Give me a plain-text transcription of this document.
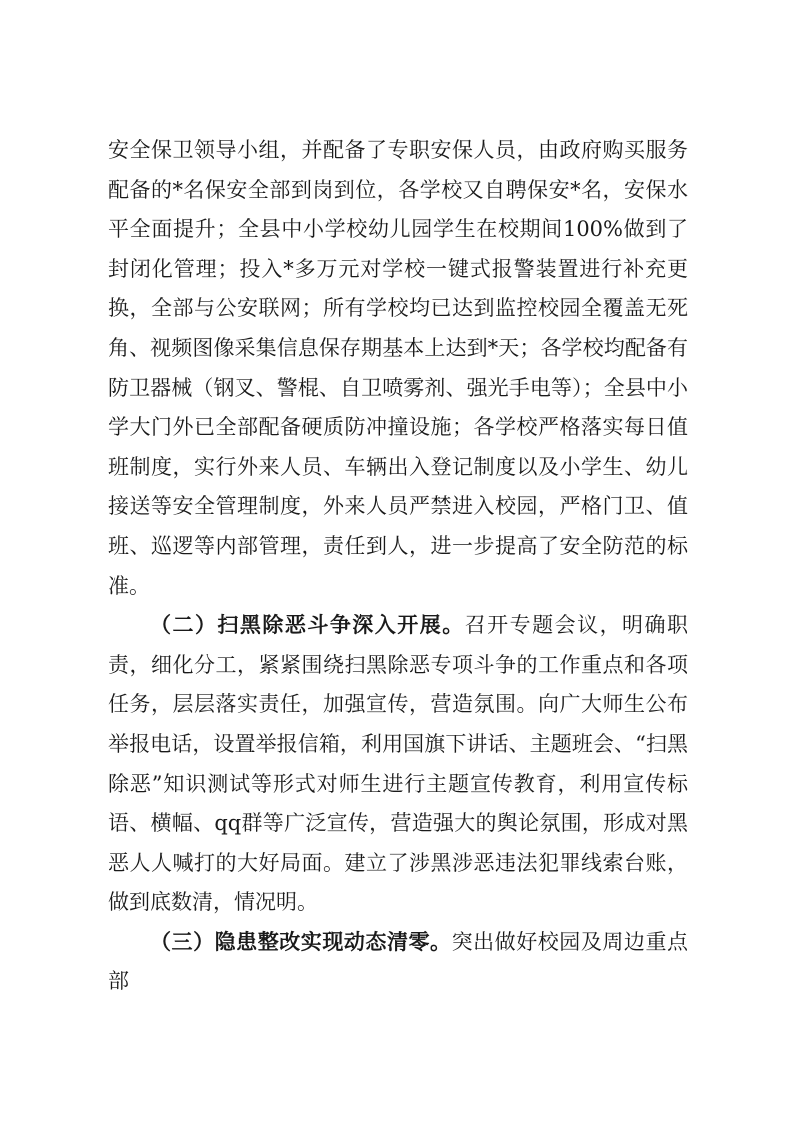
安全保卫领导小组，并配备了专职安保人员，由政府购买服务配备的*名保安全部到岗到位，各学校又自聘保安*名，安保水平全面提升；全县中小学校幼儿园学生在校期间100%做到了封闭化管理；投入*多万元对学校一键式报警装置进行补充更换，全部与公安联网；所有学校均已达到监控校园全覆盖无死角、视频图像采集信息保存期基本上达到*天；各学校均配备有防卫器械（钢叉、警棍、自卫喷雾剂、强光手电等）；全县中小学大门外已全部配备硬质防冲撞设施；各学校严格落实每日值班制度，实行外来人员、车辆出入登记制度以及小学生、幼儿接送等安全管理制度，外来人员严禁进入校园，严格门卫、值班、巡逻等内部管理，责任到人，进一步提高了安全防范的标准。

（二）扫黑除恶斗争深入开展。召开专题会议，明确职责，细化分工，紧紧围绕扫黑除恶专项斗争的工作重点和各项任务，层层落实责任，加强宣传，营造氛围。向广大师生公布举报电话，设置举报信箱，利用国旗下讲话、主题班会、“扫黑除恶”知识测试等形式对师生进行主题宣传教育，利用宣传标语、横幅、qq群等广泛宣传，营造强大的舆论氛围，形成对黑恶人人喊打的大好局面。建立了涉黑涉恶违法犯罪线索台账，做到底数清，情况明。

（三）隐患整改实现动态清零。突出做好校园及周边重点部
